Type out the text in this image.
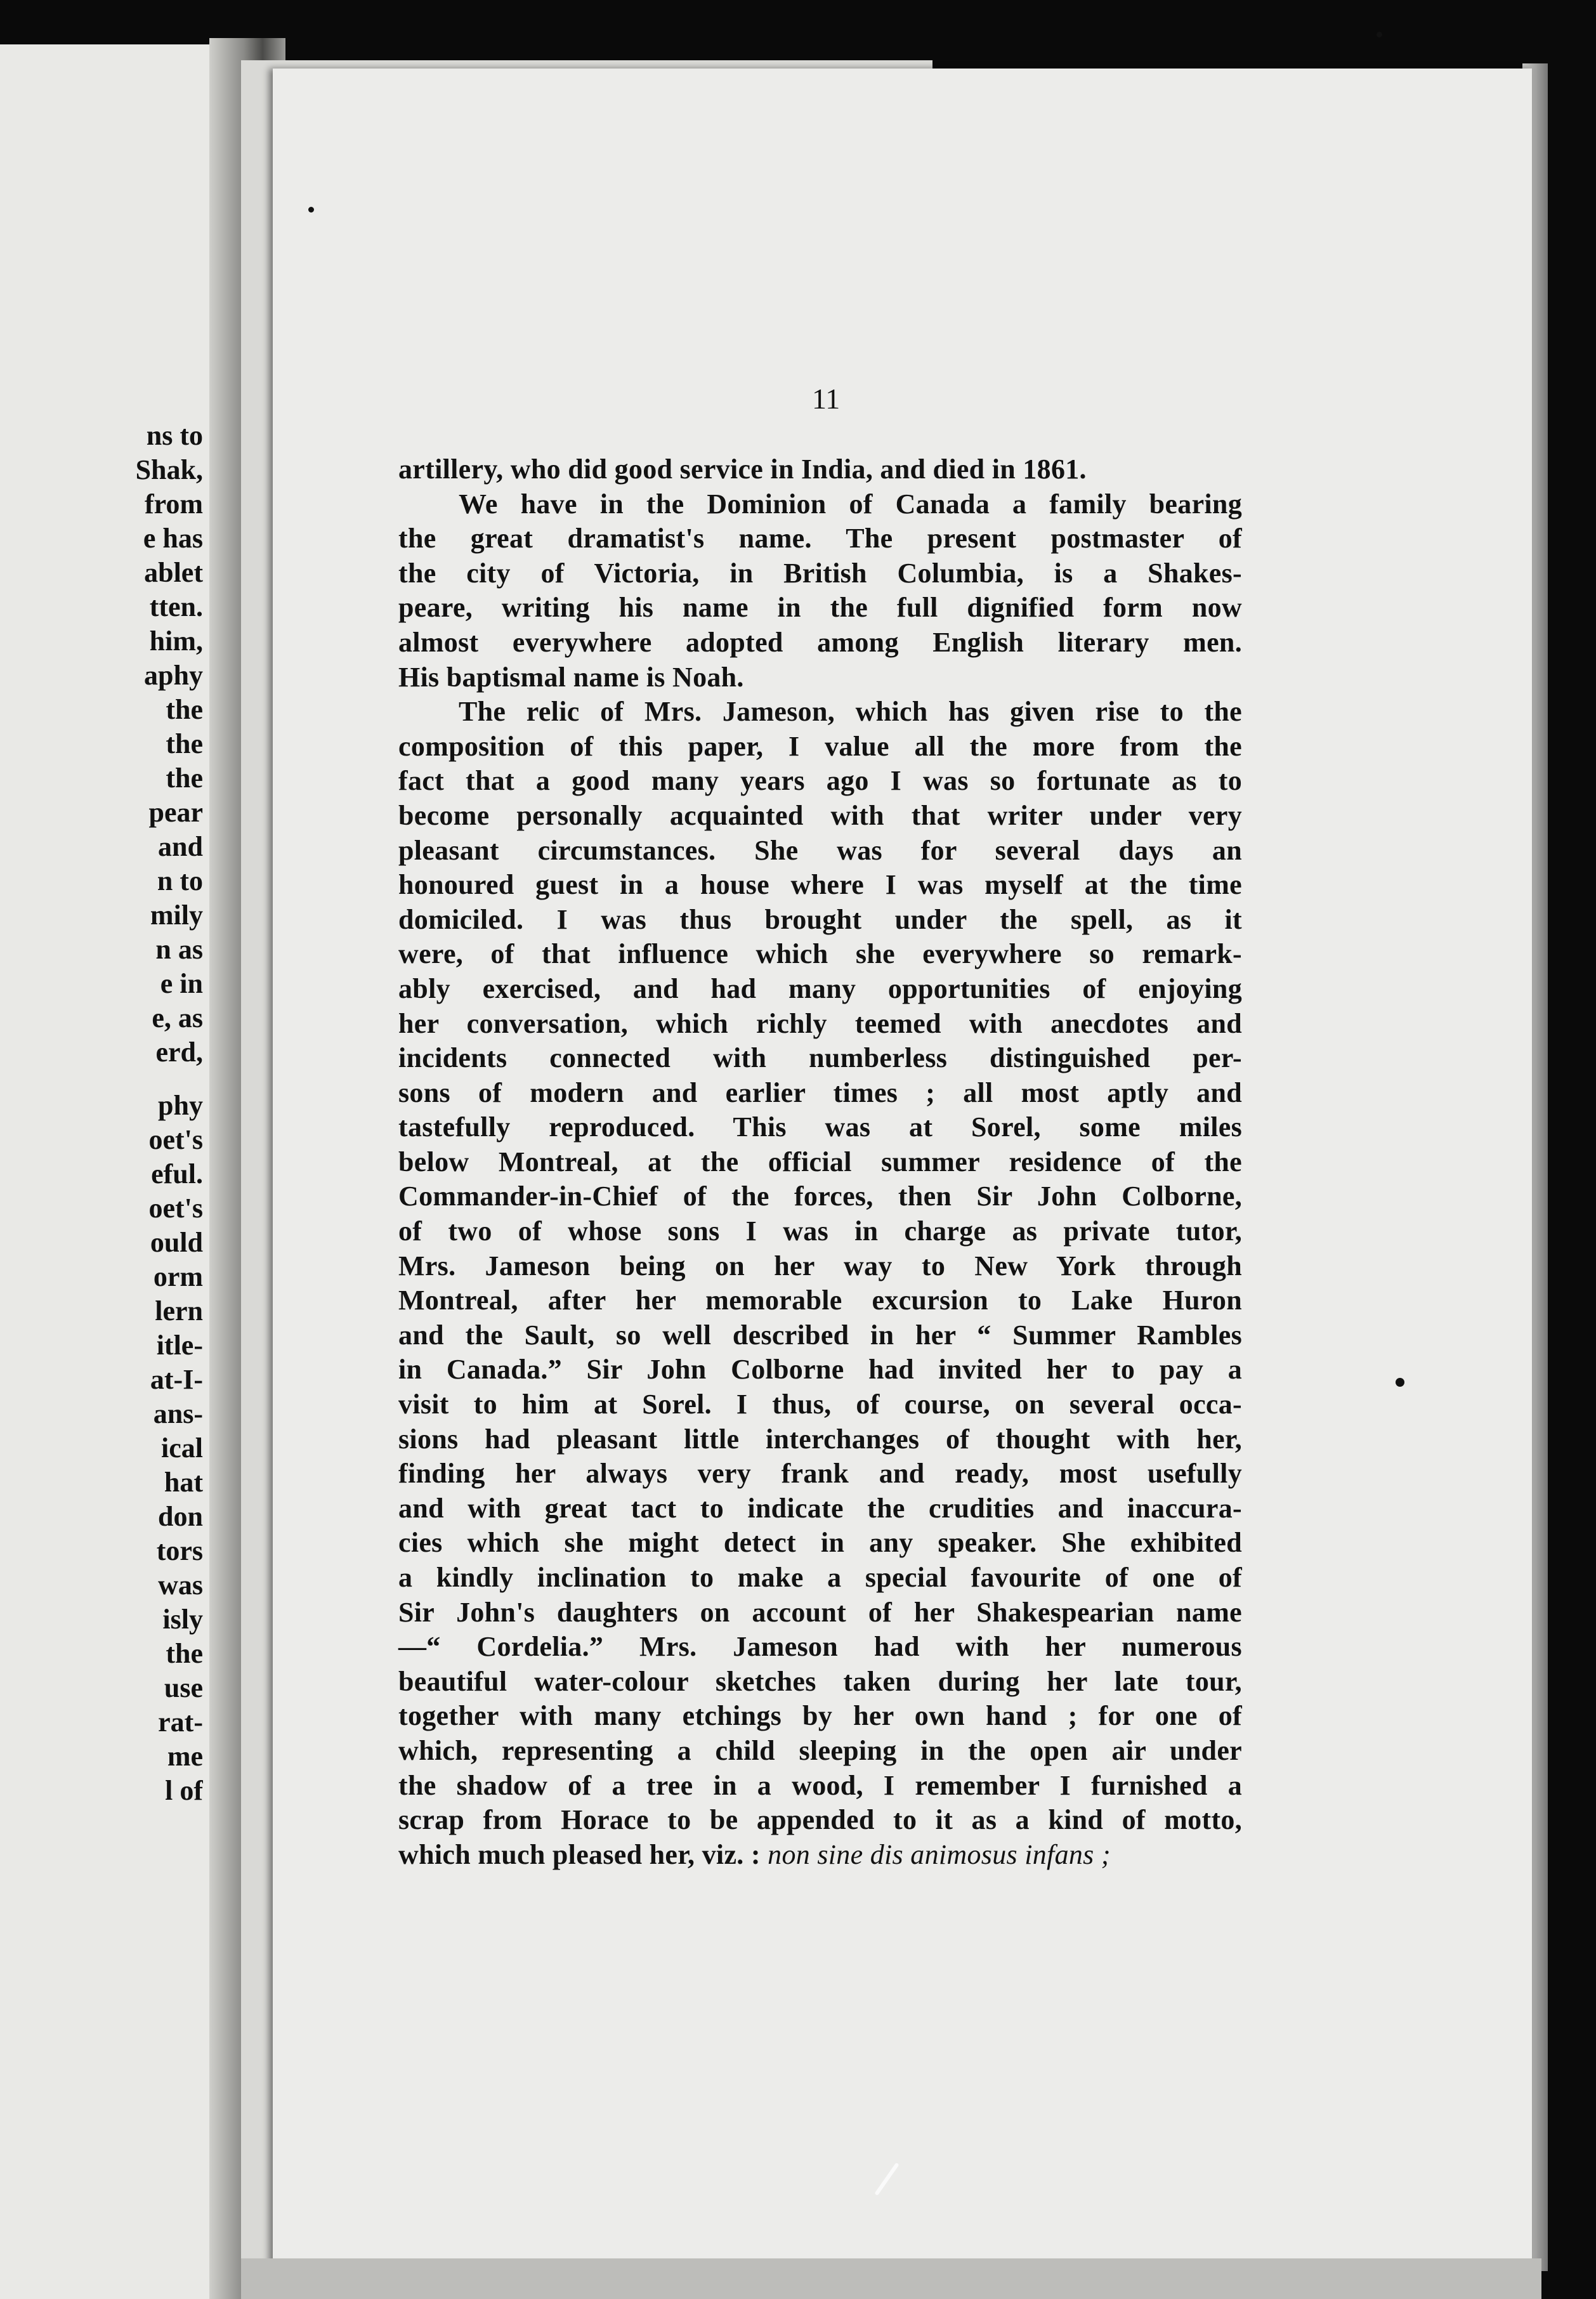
ns to
Shak,
from
e has
ablet
tten.
him,
aphy
the
the
the
pear
and
n to
mily
n as
e in
e, as
erd,
phy
oet's
eful.
oet's
ould
orm
lern
itle-
at-I-
ans-
ical
hat
don
tors
was
isly
the
use
rat-
me
l of
11
artillery, who did good service in India, and died in 1861.
We have in the Dominion of Canada a family bearing
the great dramatist's name. The present postmaster of
the city of Victoria, in British Columbia, is a Shakes-
peare, writing his name in the full dignified form now
almost everywhere adopted among English literary men.
His baptismal name is Noah.
The relic of Mrs. Jameson, which has given rise to the
composition of this paper, I value all the more from the
fact that a good many years ago I was so fortunate as to
become personally acquainted with that writer under very
pleasant circumstances. She was for several days an
honoured guest in a house where I was myself at the time
domiciled. I was thus brought under the spell, as it
were, of that influence which she everywhere so remark-
ably exercised, and had many opportunities of enjoying
her conversation, which richly teemed with anecdotes and
incidents connected with numberless distinguished per-
sons of modern and earlier times ; all most aptly and
tastefully reproduced. This was at Sorel, some miles
below Montreal, at the official summer residence of the
Commander-in-Chief of the forces, then Sir John Colborne,
of two of whose sons I was in charge as private tutor,
Mrs. Jameson being on her way to New York through
Montreal, after her memorable excursion to Lake Huron
and the Sault, so well described in her “ Summer Rambles
in Canada.” Sir John Colborne had invited her to pay a
visit to him at Sorel. I thus, of course, on several occa-
sions had pleasant little interchanges of thought with her,
finding her always very frank and ready, most usefully
and with great tact to indicate the crudities and inaccura-
cies which she might detect in any speaker. She exhibited
a kindly inclination to make a special favourite of one of
Sir John's daughters on account of her Shakespearian name
—“ Cordelia.” Mrs. Jameson had with her numerous
beautiful water-colour sketches taken during her late tour,
together with many etchings by her own hand ; for one of
which, representing a child sleeping in the open air under
the shadow of a tree in a wood, I remember I furnished a
scrap from Horace to be appended to it as a kind of motto,
which much pleased her, viz. : non sine dis animosus infans ;
